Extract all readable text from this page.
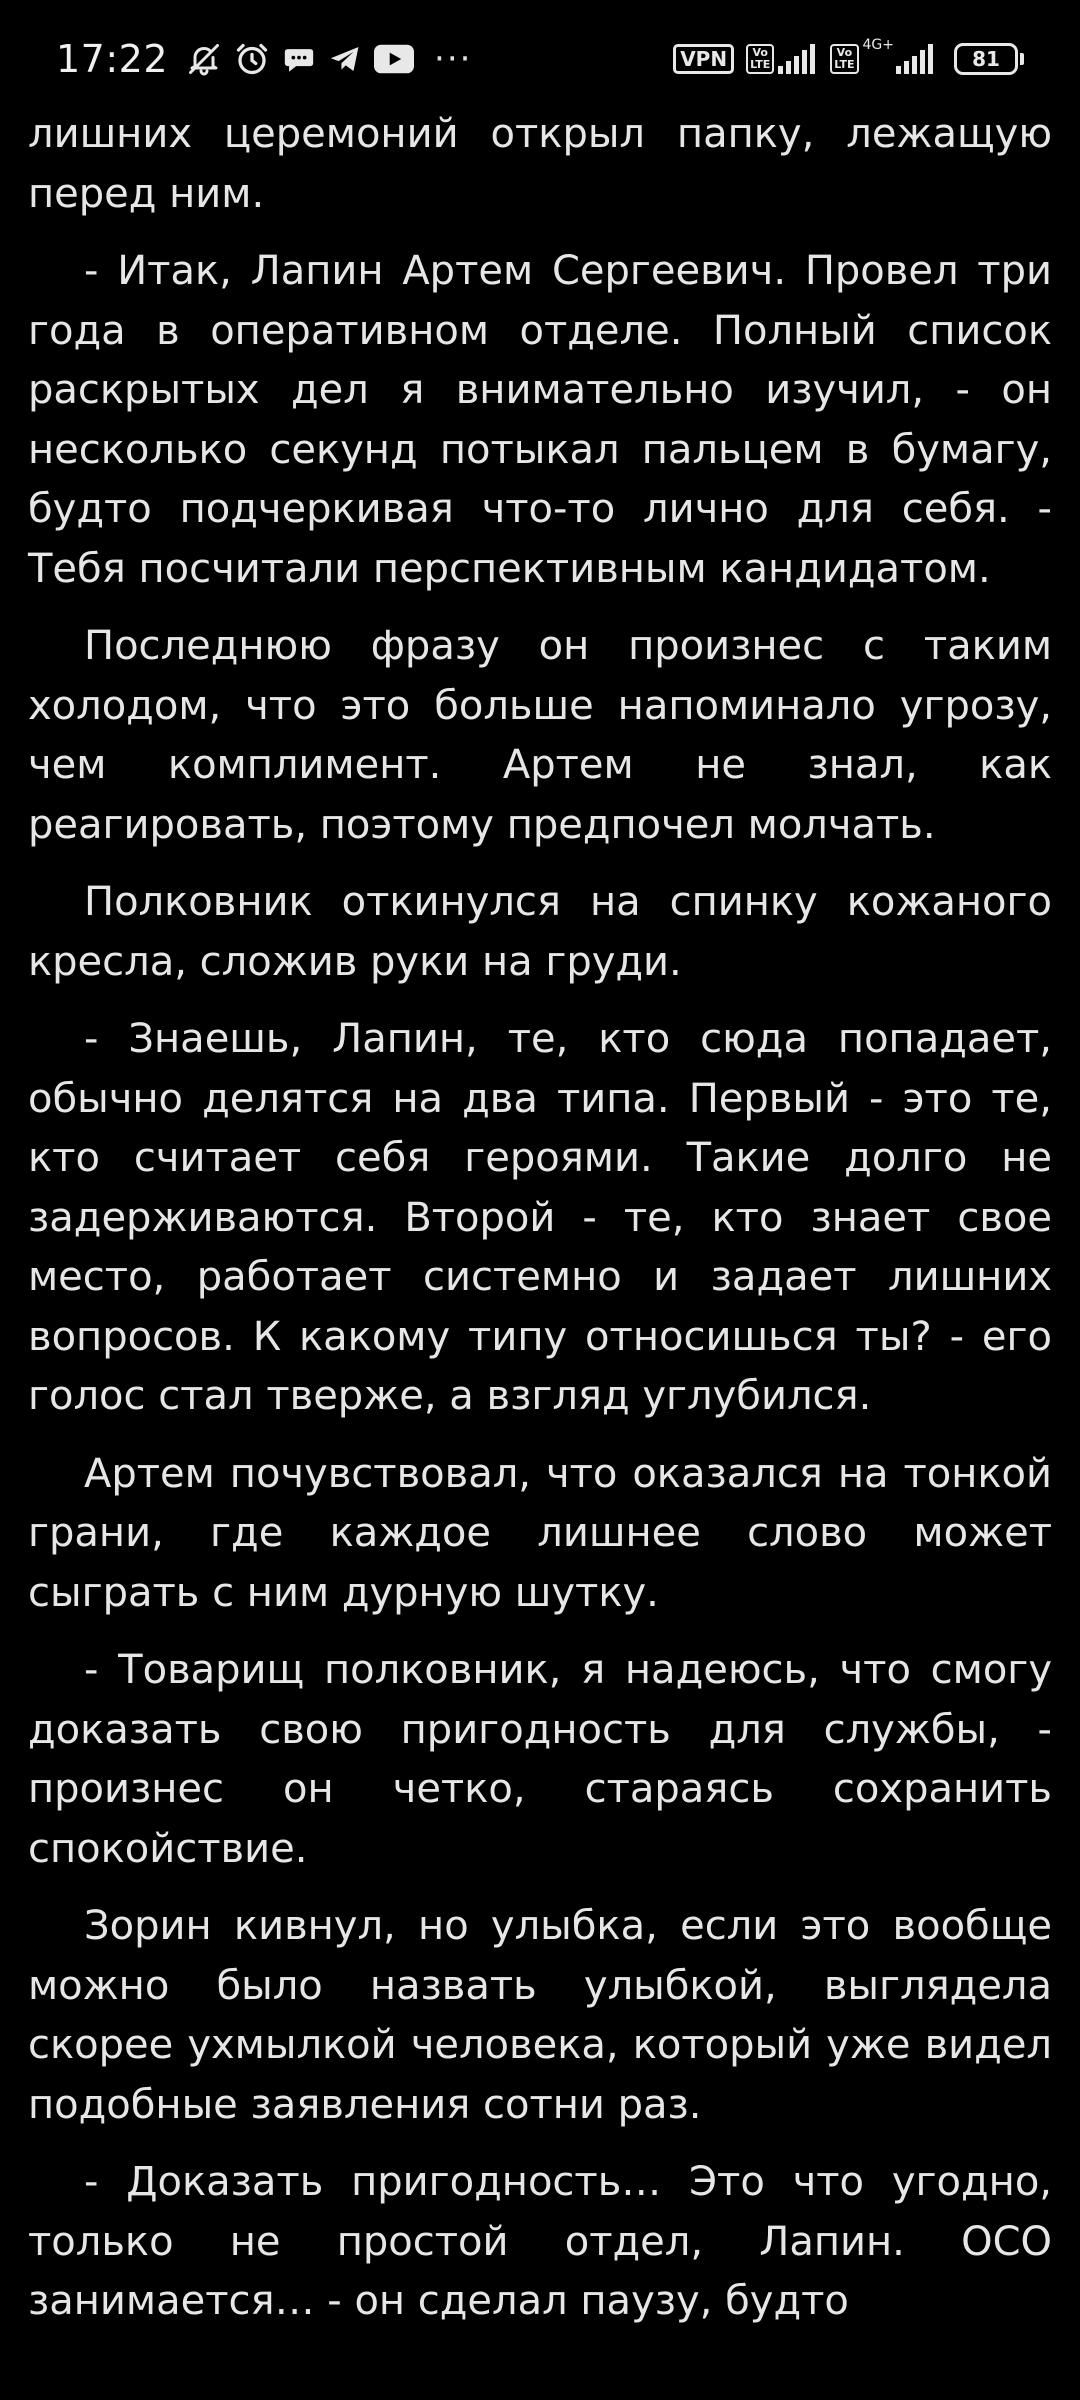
17:22	···	VPN	Vo
LTE
Vo
LTE
4G+
81

лишних церемоний открыл папку, лежащую перед ним.

- Итак, Лапин Артем Сергеевич. Провел три года в оперативном отделе. Полный список раскрытых дел я внимательно изучил, - он несколько секунд потыкал пальцем в бумагу, будто подчеркивая что-то лично для себя. - Тебя посчитали перспективным кандидатом.

Последнюю фразу он произнес с таким холодом, что это больше напоминало угрозу, чем комплимент. Артем не знал, как реагировать, поэтому предпочел молчать.

Полковник откинулся на спинку кожаного кресла, сложив руки на груди.

- Знаешь, Лапин, те, кто сюда попадает, обычно делятся на два типа. Первый - это те, кто считает себя героями. Такие долго не задерживаются. Второй - те, кто знает свое место, работает системно и задает лишних вопросов. К какому типу относишься ты? - его голос стал тверже, а взгляд углубился.

Артем почувствовал, что оказался на тонкой грани, где каждое лишнее слово может сыграть с ним дурную шутку.

- Товарищ полковник, я надеюсь, что смогу доказать свою пригодность для службы, - произнес он четко, стараясь сохранить спокойствие.

Зорин кивнул, но улыбка, если это вообще можно было назвать улыбкой, выглядела скорее ухмылкой человека, который уже видел подобные заявления сотни раз.

- Доказать пригодность… Это что угодно, только не простой отдел, Лапин. ОСО занимается… - он сделал паузу, будто
